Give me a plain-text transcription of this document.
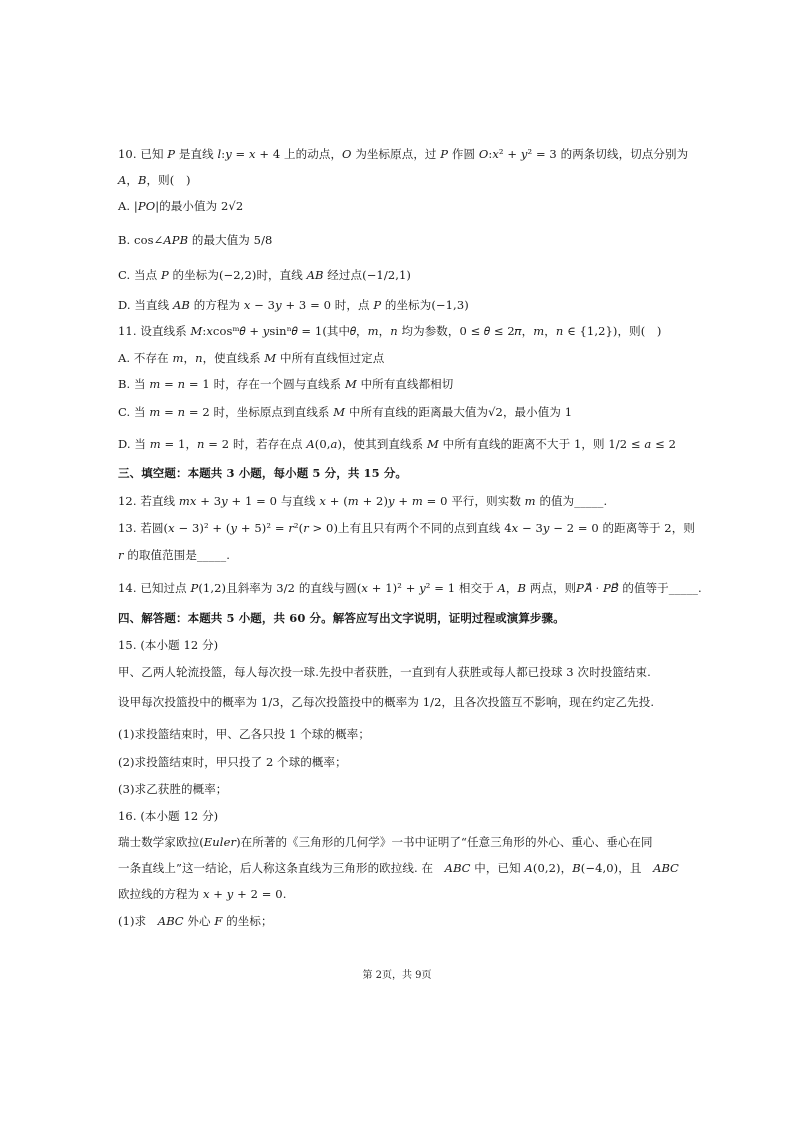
10. 已知 𝑃 是直线 𝑙:𝑦 = 𝑥 + 4 上的动点，𝑂 为坐标原点，过 𝑃 作圆 𝑂:𝑥² + 𝑦² = 3 的两条切线，切点分别为
𝐴，𝐵，则(　)
A. |𝑃𝑂|的最小值为 2√2
B. cos∠𝐴𝑃𝐵 的最大值为 5/8
C. 当点 𝑃 的坐标为(−2,2)时，直线 𝐴𝐵 经过点(−1/2,1)
D. 当直线 𝐴𝐵 的方程为 𝑥 − 3𝑦 + 3 = 0 时，点 𝑃 的坐标为(−1,3)
11. 设直线系 𝑀:𝑥cosᵐ𝜃 + 𝑦sinⁿ𝜃 = 1(其中𝜃，𝑚，𝑛 均为参数，0 ≤ 𝜃 ≤ 2𝜋，𝑚，𝑛 ∈ {1,2})，则(　)
A. 不存在 𝑚，𝑛，使直线系 𝑀 中所有直线恒过定点
B. 当 𝑚 = 𝑛 = 1 时，存在一个圆与直线系 𝑀 中所有直线都相切
C. 当 𝑚 = 𝑛 = 2 时，坐标原点到直线系 𝑀 中所有直线的距离最大值为√2，最小值为 1
D. 当 𝑚 = 1，𝑛 = 2 时，若存在点 𝐴(0,𝑎)，使其到直线系 𝑀 中所有直线的距离不大于 1，则 1/2 ≤ 𝑎 ≤ 2
三、填空题：本题共 3 小题，每小题 5 分，共 15 分。
12. 若直线 𝑚𝑥 + 3𝑦 + 1 = 0 与直线 𝑥 + (𝑚 + 2)𝑦 + 𝑚 = 0 平行，则实数 𝑚 的值为_____.
13. 若圆(𝑥 − 3)² + (𝑦 + 5)² = 𝑟²(𝑟 > 0)上有且只有两个不同的点到直线 4𝑥 − 3𝑦 − 2 = 0 的距离等于 2，则
𝑟 的取值范围是_____.
14. 已知过点 𝑃(1,2)且斜率为 3/2 的直线与圆(𝑥 + 1)² + 𝑦² = 1 相交于 𝐴，𝐵 两点，则𝑃𝐴⃗ · 𝑃𝐵⃗ 的值等于_____.
四、解答题：本题共 5 小题，共 60 分。解答应写出文字说明，证明过程或演算步骤。
15. (本小题 12 分)
甲、乙两人轮流投篮，每人每次投一球.先投中者获胜，一直到有人获胜或每人都已投球 3 次时投篮结束.
设甲每次投篮投中的概率为 1/3，乙每次投篮投中的概率为 1/2，且各次投篮互不影响，现在约定乙先投.
(1)求投篮结束时，甲、乙各只投 1 个球的概率；
(2)求投篮结束时，甲只投了 2 个球的概率；
(3)求乙获胜的概率；
16. (本小题 12 分)
瑞士数学家欧拉(𝐸𝑢𝑙𝑒𝑟)在所著的《三角形的几何学》一书中证明了“任意三角形的外心、重心、垂心在同
一条直线上”这一结论，后人称这条直线为三角形的欧拉线. 在　𝐴𝐵𝐶 中，已知 𝐴(0,2)，𝐵(−4,0)，且　𝐴𝐵𝐶
欧拉线的方程为 𝑥 + 𝑦 + 2 = 0.
(1)求　𝐴𝐵𝐶 外心 𝐹 的坐标；
第 2页，共 9页
